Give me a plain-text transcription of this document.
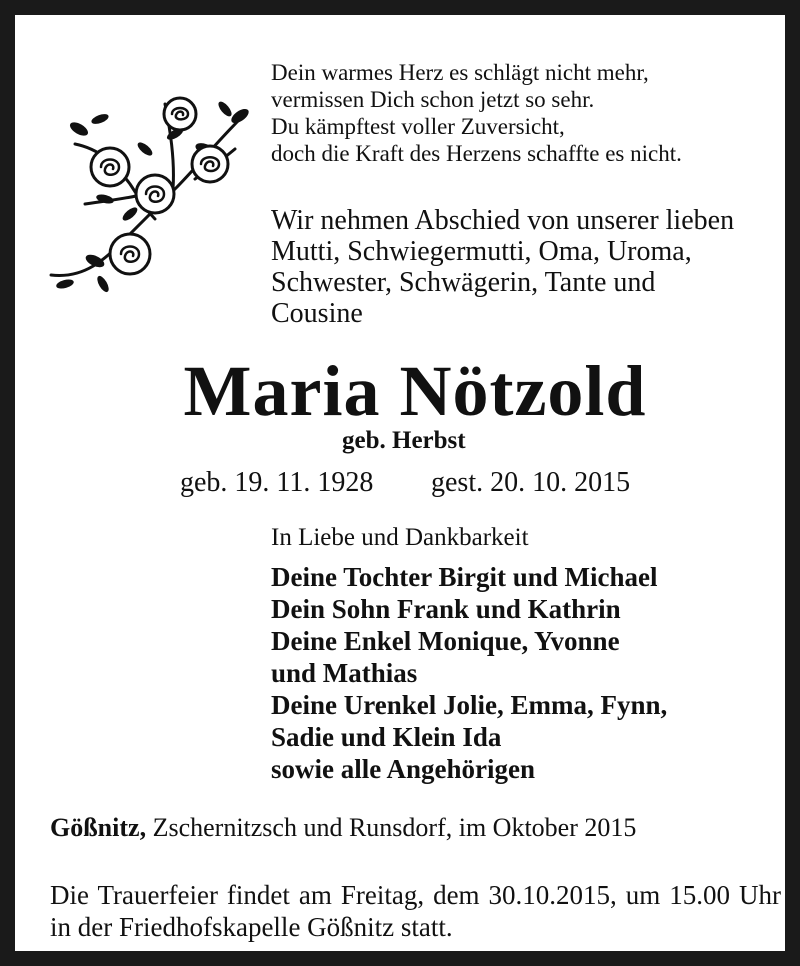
Dein warmes Herz es schlägt nicht mehr,
vermissen Dich schon jetzt so sehr.
Du kämpftest voller Zuversicht,
doch die Kraft des Herzens schaffte es nicht.
Wir nehmen Abschied von unserer lieben
Mutti, Schwiegermutti, Oma, Uroma,
Schwester, Schwägerin, Tante und
Cousine
Maria Nötzold
geb. Herbst
geb. 19. 11. 1928 gest. 20. 10. 2015
In Liebe und Dankbarkeit
Deine Tochter Birgit und Michael
Dein Sohn Frank und Kathrin
Deine Enkel Monique, Yvonne
und Mathias
Deine Urenkel Jolie, Emma, Fynn,
Sadie und Klein Ida
sowie alle Angehörigen
Gößnitz, Zschernitzsch und Runsdorf, im Oktober 2015
Die Trauerfeier findet am Freitag, dem 30.10.2015, um 15.00 Uhr in der Friedhofskapelle Gößnitz statt.
